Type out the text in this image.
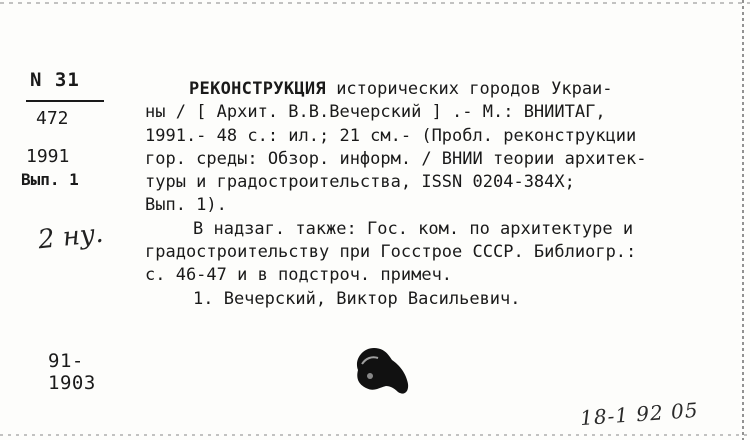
N 31
472
1991
Вып. 1
2 ну.
91-1903
РЕКОНСТРУКЦИЯ исторических городов Украи-
ны / [ Архит. В.В.Вечерский ] .- М.: ВНИИТАГ,
1991.- 48 с.: ил.; 21 см.- (Пробл. реконструкции
гор. среды: Обзор. информ. / ВНИИ теории архитек-
туры и градостроительства, ISSN 0204-384X;
Вып. 1).
В надзаг. также: Гос. ком. по архитектуре и
градостроительству при Госстрое СССР. Библиогр.:
с. 46-47 и в подстроч. примеч.
1. Вечерский, Виктор Васильевич.
18-1 92 05
